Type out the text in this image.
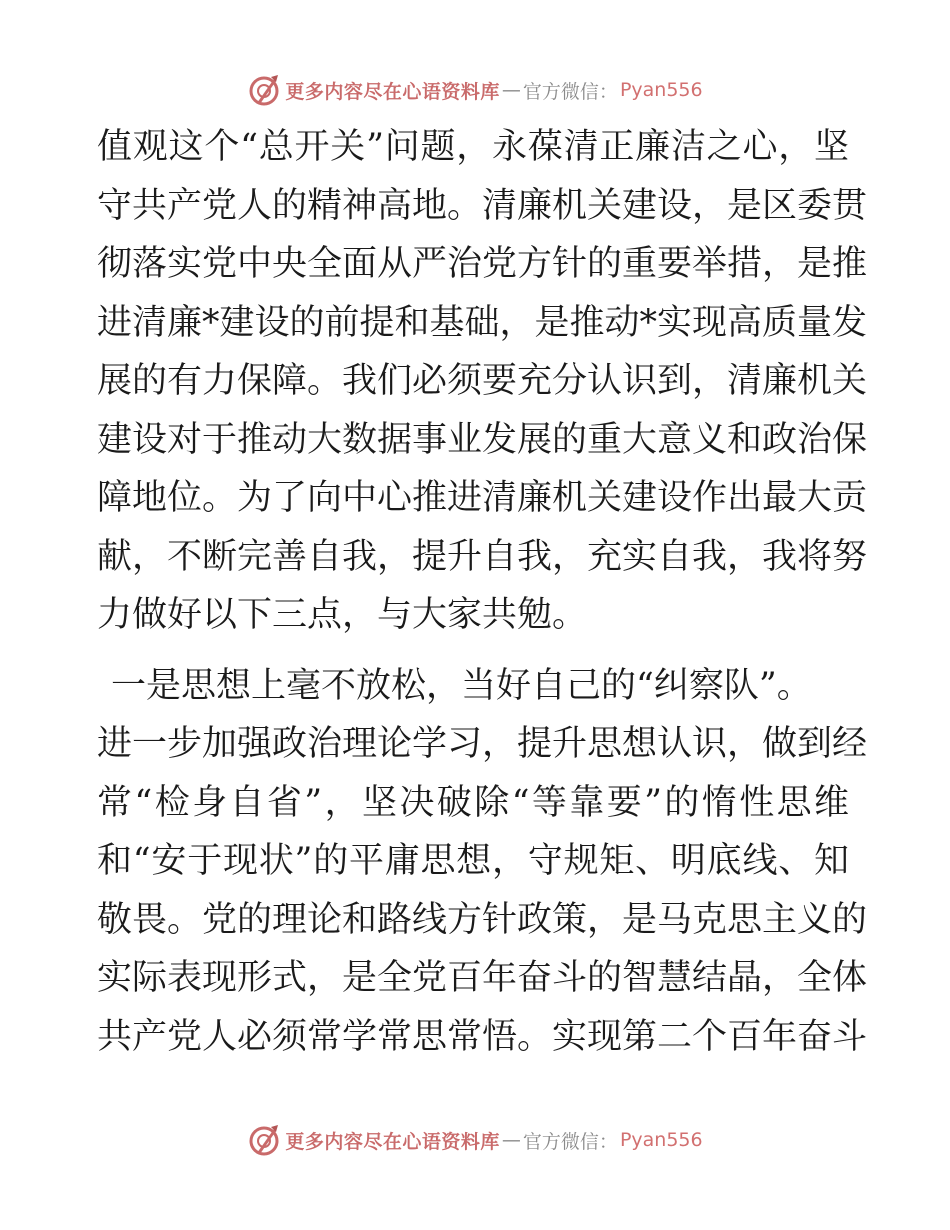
更多内容尽在心语资料库 — 官方微信： Pyan556
值观这个“总开关”问题，永葆清正廉洁之心，坚
守共产党人的精神高地。清廉机关建设，是区委贯
彻落实党中央全面从严治党方针的重要举措，是推
进清廉*建设的前提和基础，是推动*实现高质量发
展的有力保障。我们必须要充分认识到，清廉机关
建设对于推动大数据事业发展的重大意义和政治保
障地位。为了向中心推进清廉机关建设作出最大贡
献，不断完善自我，提升自我，充实自我，我将努
力做好以下三点，与大家共勉。
一是思想上毫不放松，当好自己的“纠察队”。
进一步加强政治理论学习，提升思想认识，做到经
常“检身自省”，坚决破除“等靠要”的惰性思维
和“安于现状”的平庸思想，守规矩、明底线、知
敬畏。党的理论和路线方针政策，是马克思主义的
实际表现形式，是全党百年奋斗的智慧结晶，全体
共产党人必须常学常思常悟。实现第二个百年奋斗
更多内容尽在心语资料库 — 官方微信： Pyan556
